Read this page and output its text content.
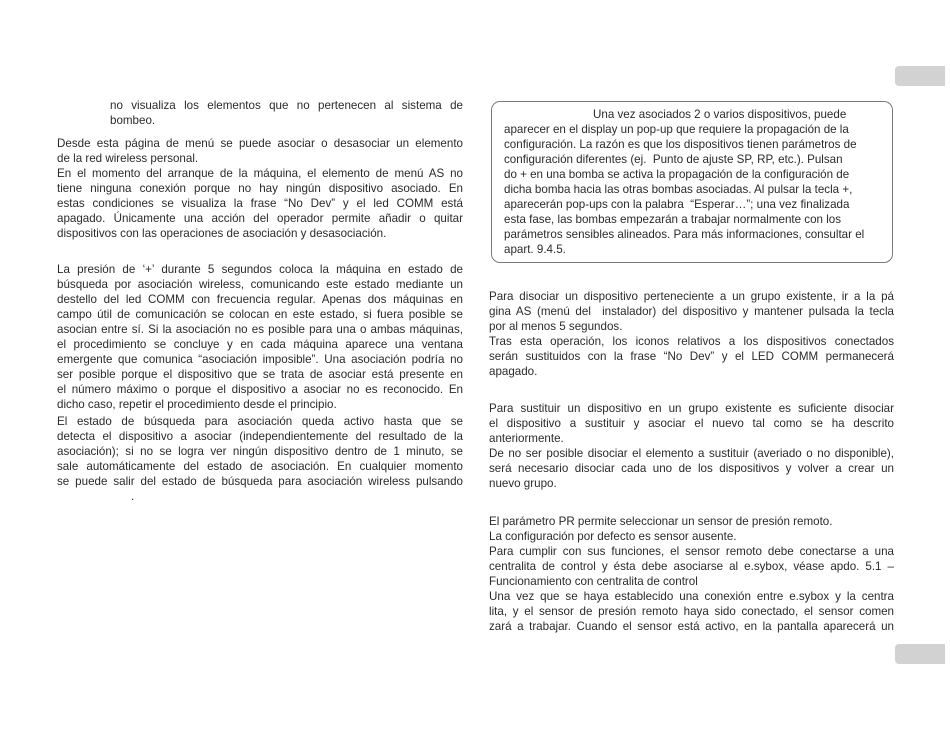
no visualiza los elementos que no pertenecen al sistema de
bombeo.
Desde esta página de menú se puede asociar o desasociar un elemento
de la red wireless personal.
En el momento del arranque de la máquina, el elemento de menú AS no
tiene ninguna conexión porque no hay ningún dispositivo asociado. En
estas condiciones se visualiza la frase “No Dev” y el led COMM está
apagado. Únicamente una acción del operador permite añadir o quitar
dispositivos con las operaciones de asociación y desasociación.
La presión de ‘+’ durante 5 segundos coloca la máquina en estado de
búsqueda por asociación wireless, comunicando este estado mediante un
destello del led COMM con frecuencia regular. Apenas dos máquinas en
campo útil de comunicación se colocan en este estado, si fuera posible se
asocian entre sí. Si la asociación no es posible para una o ambas máquinas,
el procedimiento se concluye y en cada máquina aparece una ventana
emergente que comunica “asociación imposible”. Una asociación podría no
ser posible porque el dispositivo que se trata de asociar está presente en
el número máximo o porque el dispositivo a asociar no es reconocido. En
dicho caso, repetir el procedimiento desde el principio.
El estado de búsqueda para asociación queda activo hasta que se
detecta el dispositivo a asociar (independientemente del resultado de la
asociación); si no se logra ver ningún dispositivo dentro de 1 minuto, se
sale automáticamente del estado de asociación. En cualquier momento
se puede salir del estado de búsqueda para asociación wireless pulsando
.
Una vez asociados 2 o varios dispositivos, puede
aparecer en el display un pop-up que requiere la propagación de la
configuración. La razón es que los dispositivos tienen parámetros de
configuración diferentes (ej.  Punto de ajuste SP, RP, etc.). Pulsan
do + en una bomba se activa la propagación de la configuración de
dicha bomba hacia las otras bombas asociadas. Al pulsar la tecla +,
aparecerán pop-ups con la palabra  “Esperar…”; una vez finalizada
esta fase, las bombas empezarán a trabajar normalmente con los
parámetros sensibles alineados. Para más informaciones, consultar el
apart. 9.4.5.
Para disociar un dispositivo perteneciente a un grupo existente, ir a la pá
gina AS (menú del  instalador) del dispositivo y mantener pulsada la tecla
por al menos 5 segundos.
Tras esta operación, los iconos relativos a los dispositivos conectados
serán sustituidos con la frase “No Dev” y el LED COMM permanecerá
apagado.
Para sustituir un dispositivo en un grupo existente es suficiente disociar
el dispositivo a sustituir y asociar el nuevo tal como se ha descrito
anteriormente.
De no ser posible disociar el elemento a sustituir (averiado o no disponible),
será necesario disociar cada uno de los dispositivos y volver a crear un
nuevo grupo.
El parámetro PR permite seleccionar un sensor de presión remoto.
La configuración por defecto es sensor ausente.
Para cumplir con sus funciones, el sensor remoto debe conectarse a una
centralita de control y ésta debe asociarse al e.sybox, véase apdo. 5.1 –
Funcionamiento con centralita de control
Una vez que se haya establecido una conexión entre e.sybox y la centra
lita, y el sensor de presión remoto haya sido conectado, el sensor comen
zará a trabajar. Cuando el sensor está activo, en la pantalla aparecerá un
